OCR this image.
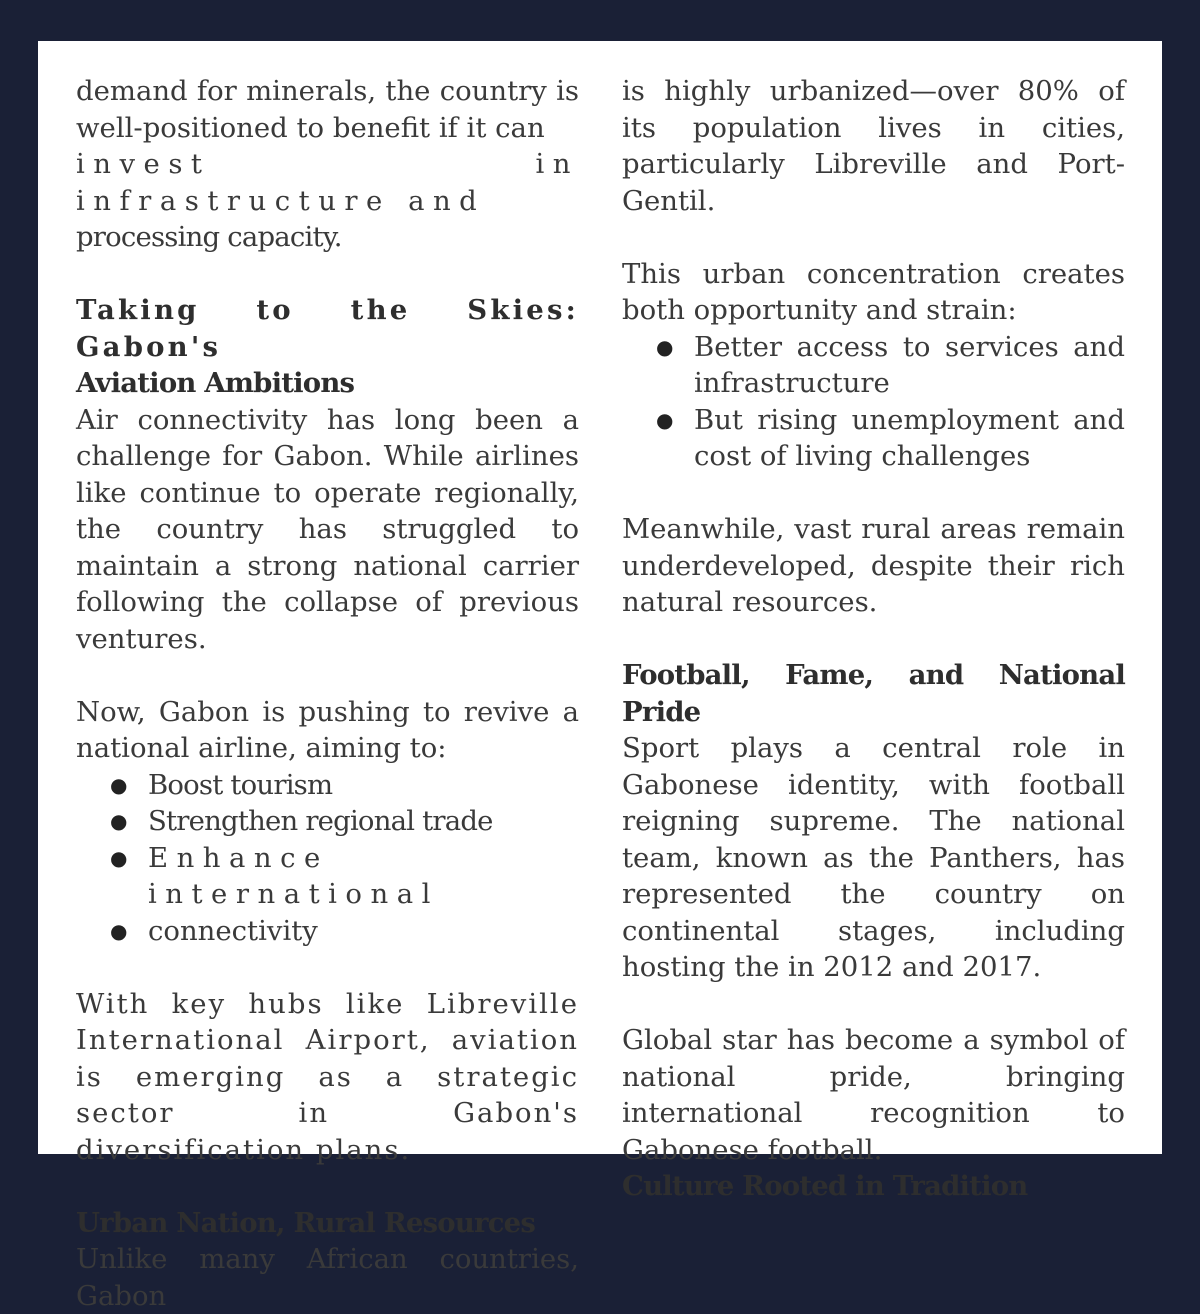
demand for minerals, the country is well-positioned to benefit if it can

invest in infrastructure and

processing capacity.

Taking to the Skies: Gabon's
Aviation Ambitions

Air connectivity has long been a challenge for Gabon. While airlines like continue to operate regionally, the country has struggled to maintain a strong national carrier following the collapse of previous ventures.

Now, Gabon is pushing to revive a national airline, aiming to:

● Boost tourism
● Strengthen regional trade
● Enhance international
● connectivity

With key hubs like Libreville International Airport, aviation is emerging as a strategic sector in Gabon's diversification plans.

Urban Nation, Rural Resources

Unlike many African countries, Gabon

is highly urbanized—over 80% of its population lives in cities, particularly Libreville and Port-Gentil.

This urban concentration creates both opportunity and strain:

● Better access to services and infrastructure
● But rising unemployment and cost of living challenges

Meanwhile, vast rural areas remain underdeveloped, despite their rich natural resources.

Football, Fame, and National Pride

Sport plays a central role in Gabonese identity, with football reigning supreme. The national team, known as the Panthers, has represented the country on continental stages, including hosting the in 2012 and 2017.

Global star has become a symbol of national pride, bringing international recognition to Gabonese football.

Culture Rooted in Tradition
